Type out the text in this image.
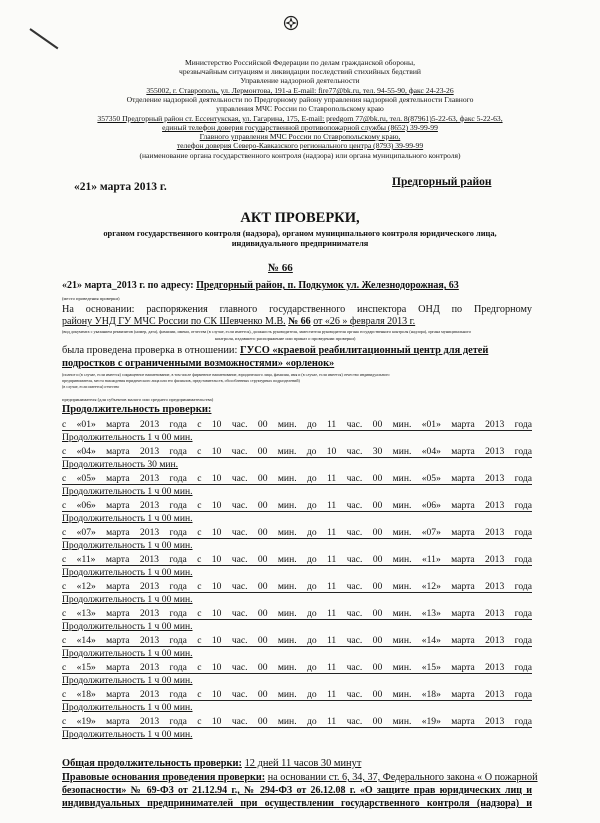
Министерство Российской Федерации по делам гражданской обороны,
чрезвычайным ситуациям и ликвидации последствий стихийных бедствий
Управление надзорной деятельности
355002, г. Ставрополь, ул. Лермонтова, 191-а E-mail: fire77@bk.ru, тел. 94-55-90, факс 24-23-26
Отделение надзорной деятельности по Предгорному району управления надзорной деятельности Главного
управления МЧС России по Ставропольскому краю
357350 Предгорный район ст. Ессентукская, ул. Гагарина, 175, E-mail: predgorn 77@bk.ru, тел. 8(87961)5-22-63, факс 5-22-63,
единый телефон доверия государственной противопожарной службы (8652) 39-99-99
Главного управления МЧС России по Ставропольскому краю,
телефон доверия Северо-Кавказского регионального центра (8793) 39-99-99
(наименование органа государственного контроля (надзора) или органа муниципального контроля)
«21» марта 2013 г.	Предгорный район
АКТ ПРОВЕРКИ,
органом государственного контроля (надзора), органом муниципального контроля юридического лица,
индивидуального предпринимателя
№ 66
«21» марта_2013 г. по адресу: Предгорный район, п. Подкумок ул. Железнодорожная, 63
(место проведения проверки)
На основании: распоряжения главного государственного инспектора ОНД по Предгорному
району УНД ГУ МЧС России по СК Шевченко М.В. № 66 от «26 » февраля 2013 г.
(вид документа с указанием реквизитов (номер, дата), фамилии, имени, отчества (в случае, если имеется), должность руководителя, заместителя руководителя органа государственного контроля (надзора), органа муниципального
контроля, издавшего распоряжение или приказ о проведении проверки)
была проведена проверка в отношении: ГУСО «краевой реабилитационный центр для детей
подростков с ограниченными возможностями» «орленок»
(полное и (в случае, если имеется) сокращенное наименование, в том числе фирменное наименование, юридического лица, фамилия, имя и (в случае, если имеется) отчество индивидуального
предпринимателя, места нахождения юридического лица или его филиалов, представительств, обособленных структурных подразделений)
(в случае, если имеется) отчество
предпринимателя (для субъектов малого или среднего предпринимательства)
Продолжительность проверки:
с «01» марта 2013 года с 10 час. 00 мин. до 11 час. 00 мин. «01» марта 2013 года
Продолжительность 1 ч 00 мин.
с «04» марта 2013 года с 10 час. 00 мин. до 10 час. 30 мин. «04» марта 2013 года
Продолжительность 30 мин.
с «05» марта 2013 года с 10 час. 00 мин. до 11 час. 00 мин. «05» марта 2013 года
Продолжительность 1 ч 00 мин.
с «06» марта 2013 года с 10 час. 00 мин. до 11 час. 00 мин. «06» марта 2013 года
Продолжительность 1 ч 00 мин.
с «07» марта 2013 года с 10 час. 00 мин. до 11 час. 00 мин. «07» марта 2013 года
Продолжительность 1 ч 00 мин.
с «11» марта 2013 года с 10 час. 00 мин. до 11 час. 00 мин. «11» марта 2013 года
Продолжительность 1 ч 00 мин.
с «12» марта 2013 года с 10 час. 00 мин. до 11 час. 00 мин. «12» марта 2013 года
Продолжительность 1 ч 00 мин.
с «13» марта 2013 года с 10 час. 00 мин. до 11 час. 00 мин. «13» марта 2013 года
Продолжительность 1 ч 00 мин.
с «14» марта 2013 года с 10 час. 00 мин. до 11 час. 00 мин. «14» марта 2013 года
Продолжительность 1 ч 00 мин.
с «15» марта 2013 года с 10 час. 00 мин. до 11 час. 00 мин. «15» марта 2013 года
Продолжительность 1 ч 00 мин.
с «18» марта 2013 года с 10 час. 00 мин. до 11 час. 00 мин. «18» марта 2013 года
Продолжительность 1 ч 00 мин.
с «19» марта 2013 года с 10 час. 00 мин. до 11 час. 00 мин. «19» марта 2013 года
Продолжительность 1 ч 00 мин.
Общая продолжительность проверки: 12 дней 11 часов 30 минут
Правовые основания проведения проверки: на основании ст. 6, 34, 37, Федерального закона « О пожарной
безопасности» № 69-ФЗ от 21.12.94 г., № 294-ФЗ от 26.12.08 г. «О защите прав юридических лиц и
индивидуальных предпринимателей при осуществлении государственного контроля (надзора) и
